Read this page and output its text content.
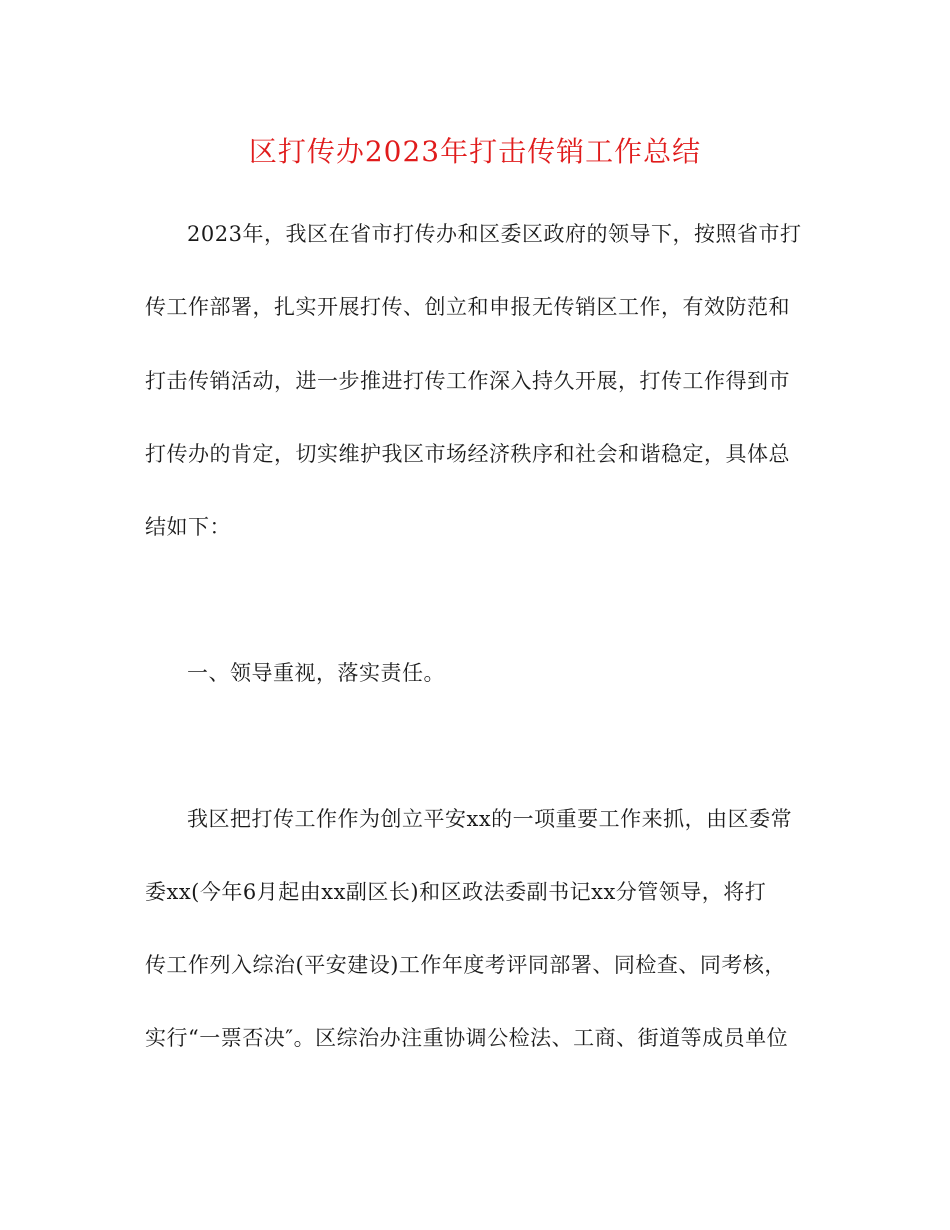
区打传办2023年打击传销工作总结
2023年，我区在省市打传办和区委区政府的领导下，按照省市打
传工作部署，扎实开展打传、创立和申报无传销区工作，有效防范和
打击传销活动，进一步推进打传工作深入持久开展，打传工作得到市
打传办的肯定，切实维护我区市场经济秩序和社会和谐稳定，具体总
结如下：
一、领导重视，落实责任。
我区把打传工作作为创立平安xx的一项重要工作来抓，由区委常
委xx(今年6月起由xx副区长)和区政法委副书记xx分管领导，将打
传工作列入综治(平安建设)工作年度考评同部署、同检查、同考核，
实行“一票否决″。区综治办注重协调公检法、工商、街道等成员单位
